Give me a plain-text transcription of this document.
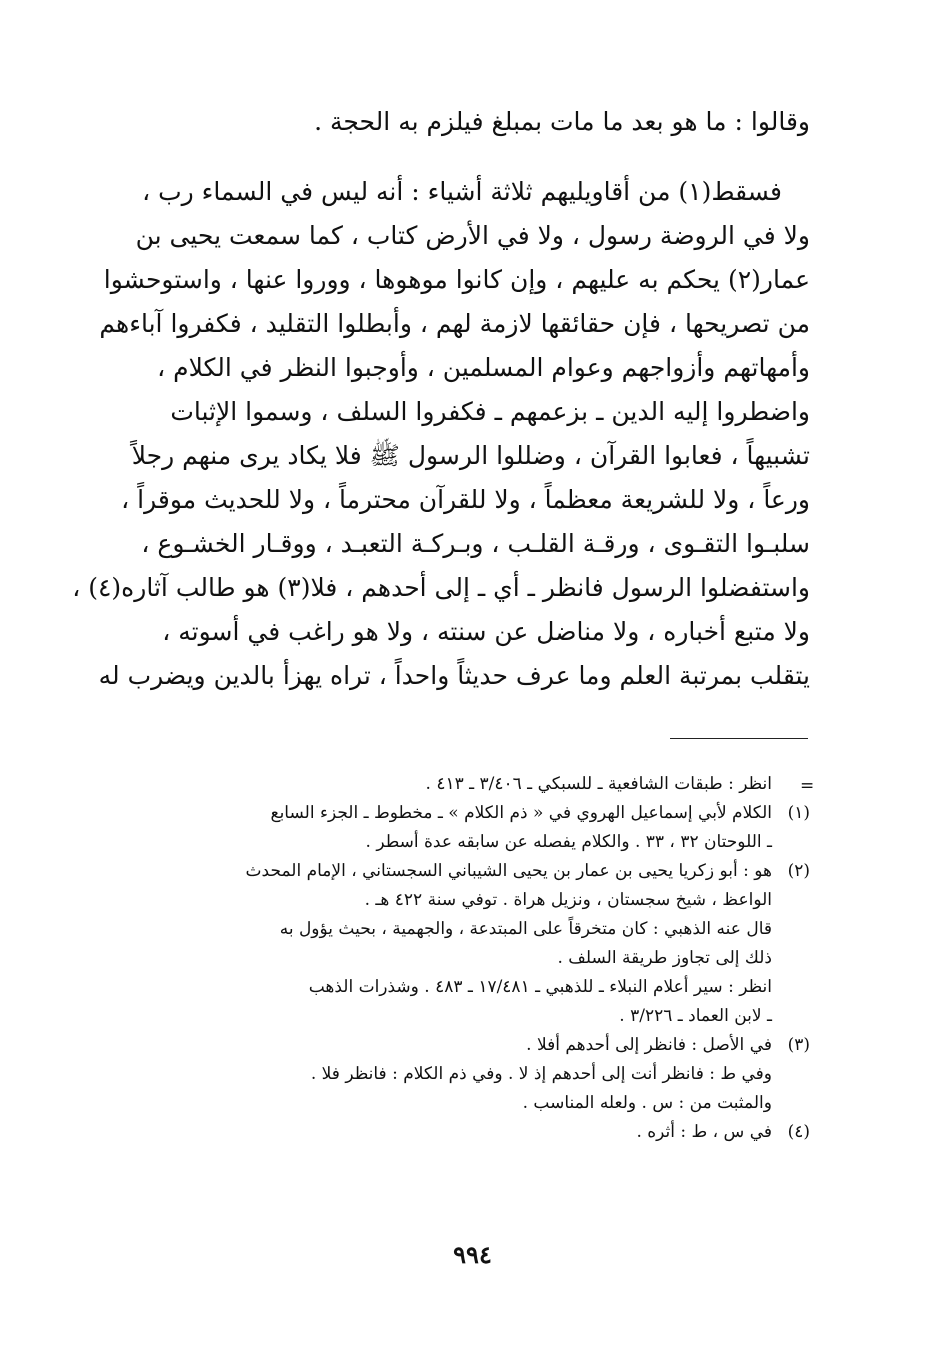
وقالوا : ما هو بعد ما مات بمبلغ فيلزم به الحجة .
فسقط(١) من أقاويليهم ثلاثة أشياء : أنه ليس في السماء رب ،
ولا في الروضة رسول ، ولا في الأرض كتاب ، كما سمعت يحيى بن
عمار(٢) يحكم به عليهم ، وإن كانوا موهوها ، ووروا عنها ، واستوحشوا
من تصريحها ، فإن حقائقها لازمة لهم ، وأبطلوا التقليد ، فكفروا آباءهم
وأمهاتهم وأزواجهم وعوام المسلمين ، وأوجبوا النظر في الكلام ،
واضطروا إليه الدين ـ بزعمهم ـ فكفروا السلف ، وسموا الإثبات
تشبيهاً ، فعابوا القرآن ، وضللوا الرسول ﷺ فلا يكاد يرى منهم رجلاً
ورعاً ، ولا للشريعة معظماً ، ولا للقرآن محترماً ، ولا للحديث موقراً ،
سلبـوا التقـوى ، ورقـة القلـب ، وبـركـة التعبـد ، ووقـار الخشـوع ،
واستفضلوا الرسول فانظر ـ أي ـ إلى أحدهم ، فلا(٣) هو طالب آثاره(٤) ،
ولا متبع أخباره ، ولا مناضل عن سنته ، ولا هو راغب في أسوته ،
يتقلب بمرتبة العلم وما عرف حديثاً واحداً ، تراه يهزأ بالدين ويضرب له
=
انظر : طبقات الشافعية ـ للسبكي ـ ٣/٤٠٦ ـ ٤١٣ .
(١)
الكلام لأبي إسماعيل الهروي في « ذم الكلام » ـ مخطوط ـ الجزء السابع
ـ اللوحتان ٣٢ ، ٣٣ . والكلام يفصله عن سابقه عدة أسطر .
(٢)
هو : أبو زكريا يحيى بن عمار بن يحيى الشيباني السجستاني ، الإمام المحدث
الواعظ ، شيخ سجستان ، ونزيل هراة . توفي سنة ٤٢٢ هـ .
قال عنه الذهبي : كان متخرقاً على المبتدعة ، والجهمية ، بحيث يؤول به
ذلك إلى تجاوز طريقة السلف .
انظر : سير أعلام النبلاء ـ للذهبي ـ ١٧/٤٨١ ـ ٤٨٣ . وشذرات الذهب
ـ لابن العماد ـ ٣/٢٢٦ .
(٣)
في الأصل : فانظر إلى أحدهم أفلا .
وفي ط : فانظر أنت إلى أحدهم إذ لا . وفي ذم الكلام : فانظر فلا .
والمثبت من : س . ولعله المناسب .
(٤)
في س ، ط : أثره .
٩٩٤
